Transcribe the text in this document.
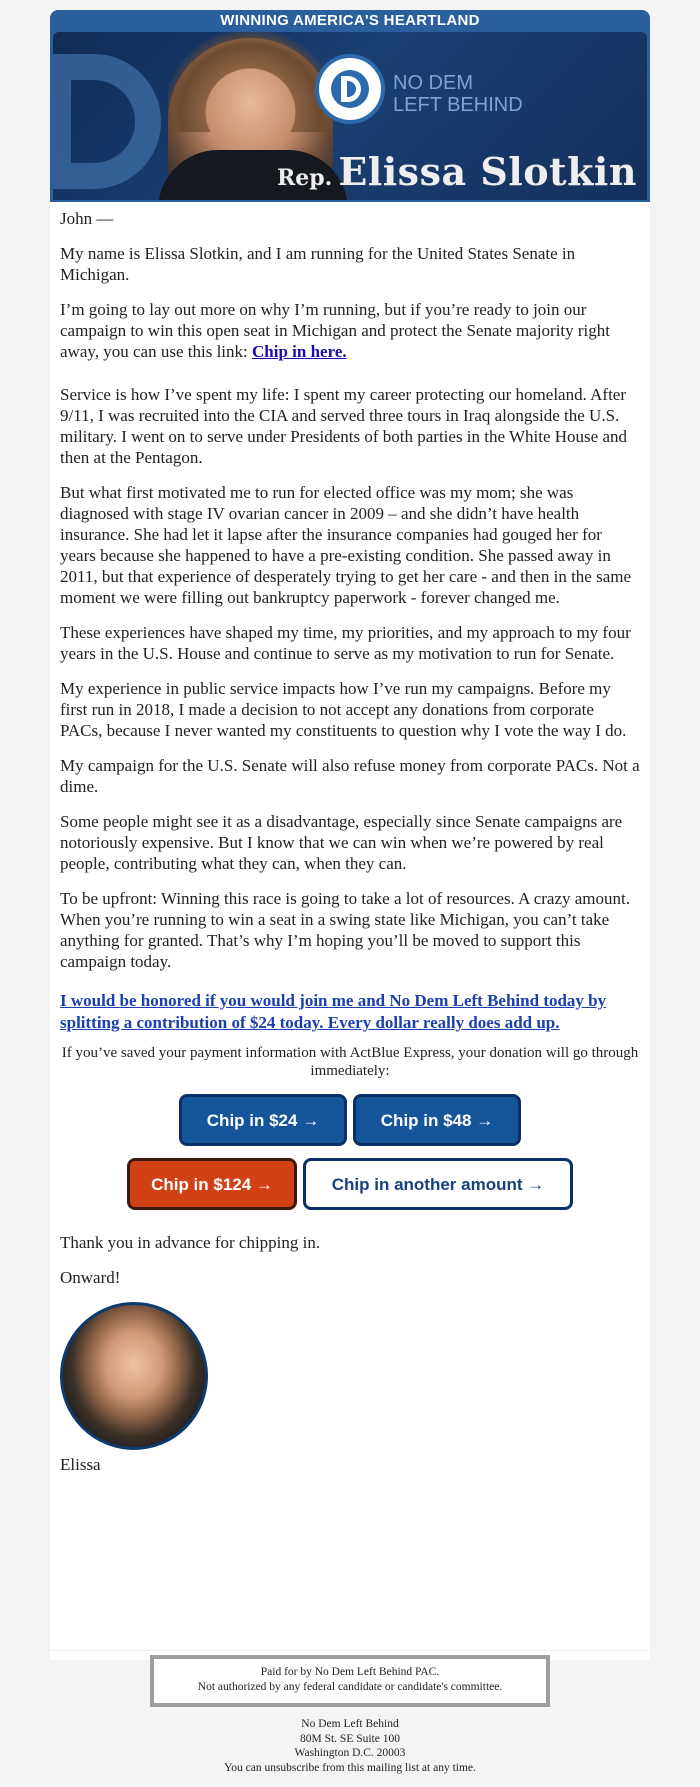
WINNING AMERICA'S HEARTLAND
NO DEM
LEFT BEHIND
Rep. Elissa Slotkin

John —

My name is Elissa Slotkin, and I am running for the United States Senate in Michigan.

I’m going to lay out more on why I’m running, but if you’re ready to join our campaign to win this open seat in Michigan and protect the Senate majority right away, you can use this link: Chip in here.

Service is how I’ve spent my life: I spent my career protecting our homeland. After 9/11, I was recruited into the CIA and served three tours in Iraq alongside the U.S. military. I went on to serve under Presidents of both parties in the White House and then at the Pentagon.

But what first motivated me to run for elected office was my mom; she was diagnosed with stage IV ovarian cancer in 2009 – and she didn’t have health insurance. She had let it lapse after the insurance companies had gouged her for years because she happened to have a pre-existing condition. She passed away in 2011, but that experience of desperately trying to get her care - and then in the same moment we were filling out bankruptcy paperwork - forever changed me.

These experiences have shaped my time, my priorities, and my approach to my four years in the U.S. House and continue to serve as my motivation to run for Senate.

My experience in public service impacts how I’ve run my campaigns. Before my first run in 2018, I made a decision to not accept any donations from corporate PACs, because I never wanted my constituents to question why I vote the way I do.

My campaign for the U.S. Senate will also refuse money from corporate PACs. Not a dime.

Some people might see it as a disadvantage, especially since Senate campaigns are notoriously expensive. But I know that we can win when we’re powered by real people, contributing what they can, when they can.

To be upfront: Winning this race is going to take a lot of resources. A crazy amount. When you’re running to win a seat in a swing state like Michigan, you can’t take anything for granted. That’s why I’m hoping you’ll be moved to support this campaign today.

I would be honored if you would join me and No Dem Left Behind today by splitting a contribution of $24 today. Every dollar really does add up.

If you’ve saved your payment information with ActBlue Express, your donation will go through immediately:

Chip in $24 →	Chip in $48 →
Chip in $124 →	Chip in another amount →

Thank you in advance for chipping in.

Onward!

Elissa
Paid for by No Dem Left Behind PAC.
Not authorized by any federal candidate or candidate's committee.
No Dem Left Behind
80M St. SE Suite 100
Washington D.C. 20003
You can unsubscribe from this mailing list at any time.
